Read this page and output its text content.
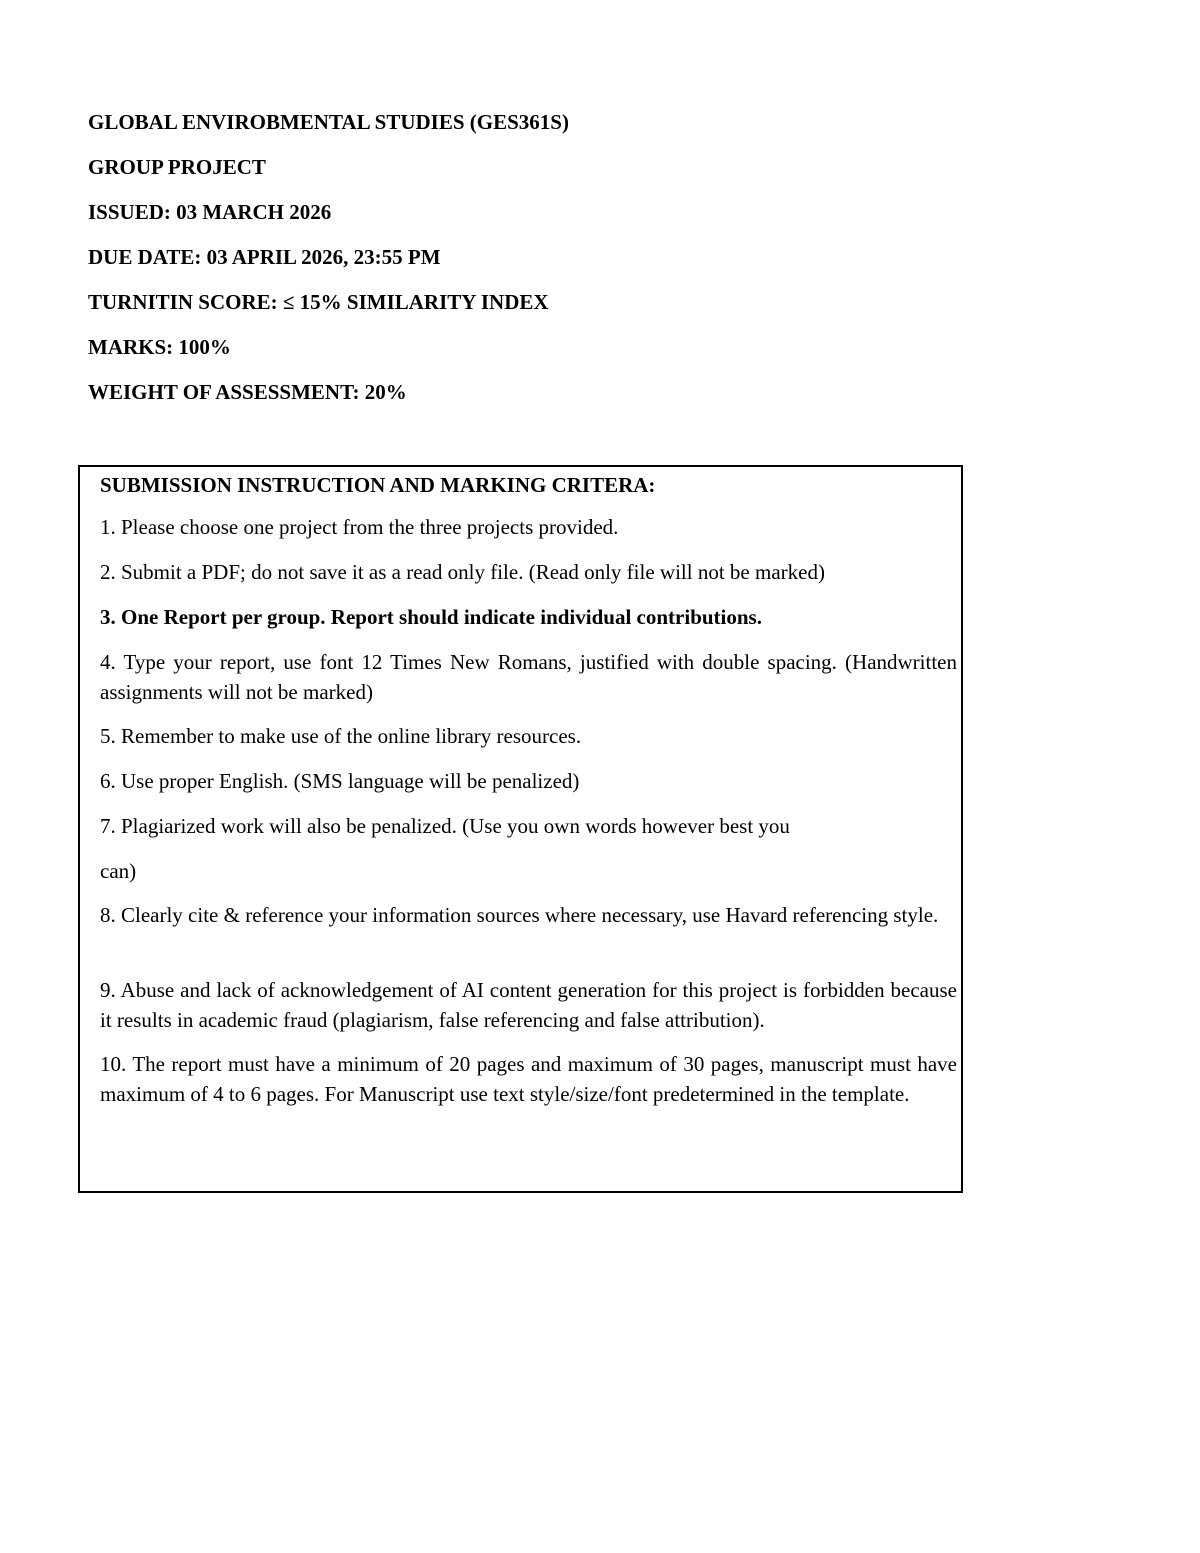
GLOBAL ENVIROBMENTAL STUDIES (GES361S)
GROUP PROJECT
ISSUED: 03 MARCH 2026
DUE DATE: 03 APRIL 2026, 23:55 PM
TURNITIN SCORE: ≤ 15% SIMILARITY INDEX
MARKS: 100%
WEIGHT OF ASSESSMENT: 20%
SUBMISSION INSTRUCTION AND MARKING CRITERA:
1. Please choose one project from the three projects provided.
2. Submit a PDF; do not save it as a read only file. (Read only file will not be marked)
3. One Report per group. Report should indicate individual contributions.
4. Type your report, use font 12 Times New Romans, justified with double spacing. (Handwritten assignments will not be marked)
5. Remember to make use of the online library resources.
6. Use proper English. (SMS language will be penalized)
7. Plagiarized work will also be penalized. (Use you own words however best you
can)
8. Clearly cite & reference your information sources where necessary, use Havard referencing style.
9. Abuse and lack of acknowledgement of AI content generation for this project is forbidden because it results in academic fraud (plagiarism, false referencing and false attribution).
10. The report must have a minimum of 20 pages and maximum of 30 pages, manuscript must have maximum of 4 to 6 pages. For Manuscript use text style/size/font predetermined in the template.
